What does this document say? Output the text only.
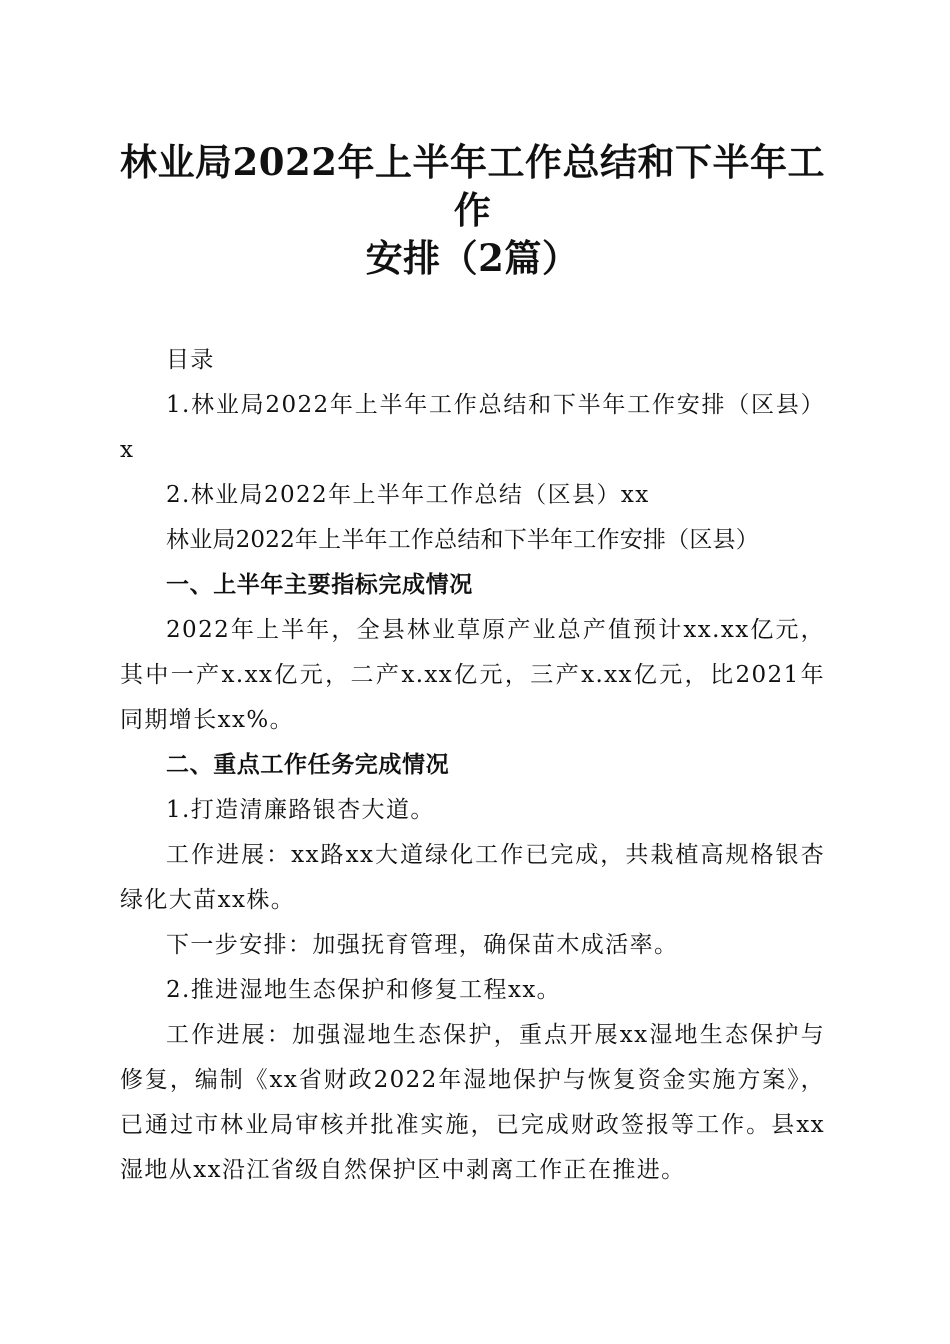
林业局2022年上半年工作总结和下半年工作
安排（2篇）

目录

1.林业局2022年上半年工作总结和下半年工作安排（区县）x

2.林业局2022年上半年工作总结（区县）xx

林业局2022年上半年工作总结和下半年工作安排（区县）

一、上半年主要指标完成情况

2022年上半年，全县林业草原产业总产值预计xx.xx亿元，其中一产x.xx亿元，二产x.xx亿元，三产x.xx亿元，比2021年同期增长xx%。

二、重点工作任务完成情况

1.打造清廉路银杏大道。

工作进展：xx路xx大道绿化工作已完成，共栽植高规格银杏绿化大苗xx株。

下一步安排：加强抚育管理，确保苗木成活率。

2.推进湿地生态保护和修复工程xx。

工作进展：加强湿地生态保护，重点开展xx湿地生态保护与修复，编制《xx省财政2022年湿地保护与恢复资金实施方案》，已通过市林业局审核并批准实施，已完成财政签报等工作。县xx湿地从xx沿江省级自然保护区中剥离工作正在推进。
